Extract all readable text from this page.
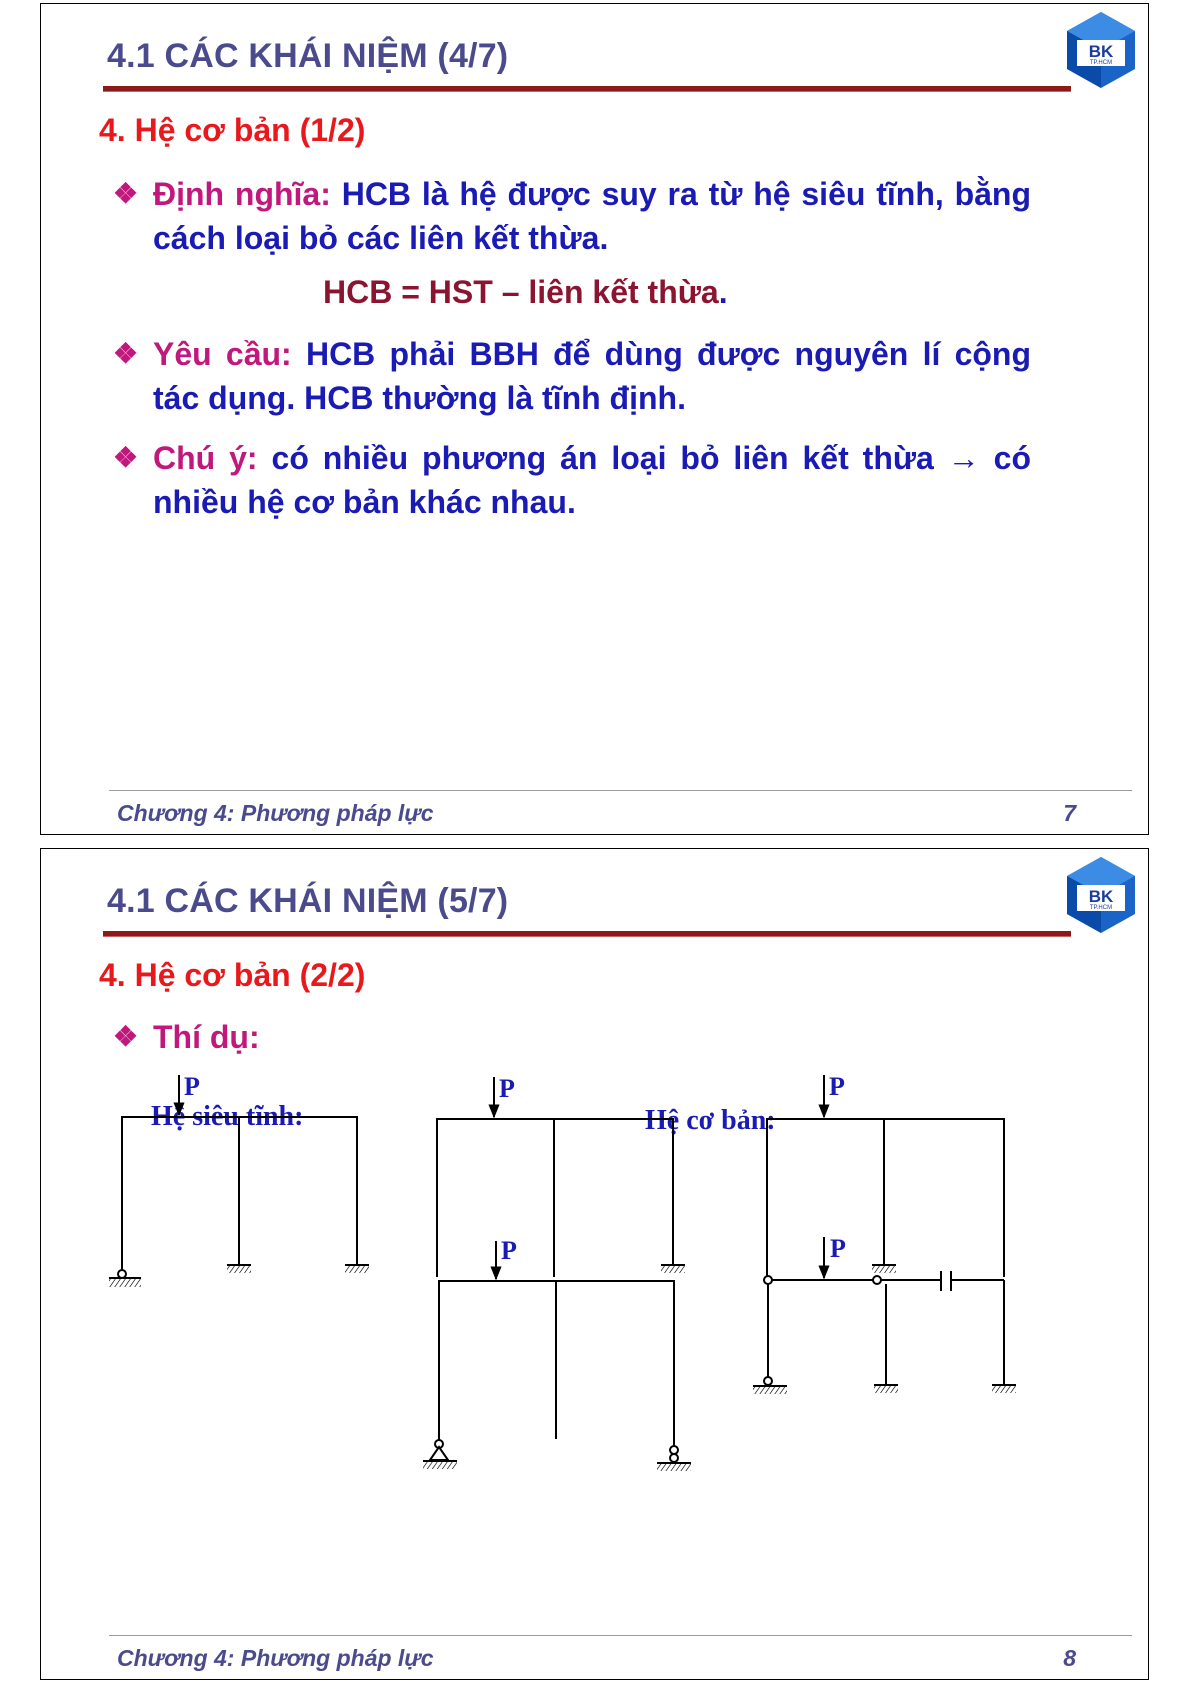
4.1 CÁC KHÁI NIỆM (4/7)	BK
TP.HCM
4. Hệ cơ bản (1/2)
❖ Định nghĩa: HCB là hệ được suy ra từ hệ siêu tĩnh, bằng cách loại bỏ các liên kết thừa.
HCB = HST – liên kết thừa.
❖ Yêu cầu: HCB phải BBH để dùng được nguyên lí cộng tác dụng. HCB thường là tĩnh định.
❖ Chú ý: có nhiều phương án loại bỏ liên kết thừa → có nhiều hệ cơ bản khác nhau.
Chương 4: Phương pháp lực	7
4.1 CÁC KHÁI NIỆM (5/7)	BK
TP.HCM
4. Hệ cơ bản (2/2)
❖ Thí dụ:
Hệ siêu tĩnh:	Hệ cơ bản:
P	P	P
P	P
Chương 4: Phương pháp lực	8
